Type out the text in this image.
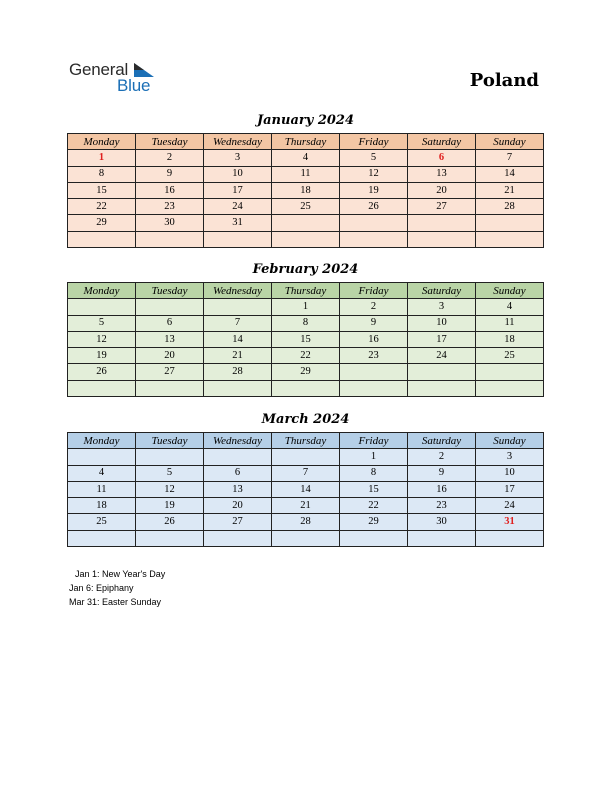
General
Blue	Poland
January 2024
Monday	Tuesday	Wednesday	Thursday	Friday	Saturday	Sunday
1	2	3	4	5	6	7
8	9	10	11	12	13	14
15	16	17	18	19	20	21
22	23	24	25	26	27	28
29	30	31				

February 2024
Monday	Tuesday	Wednesday	Thursday	Friday	Saturday	Sunday
			1	2	3	4
5	6	7	8	9	10	11
12	13	14	15	16	17	18
19	20	21	22	23	24	25
26	27	28	29			

March 2024
Monday	Tuesday	Wednesday	Thursday	Friday	Saturday	Sunday
				1	2	3
4	5	6	7	8	9	10
11	12	13	14	15	16	17
18	19	20	21	22	23	24
25	26	27	28	29	30	31

Jan 1: New Year's Day
Jan 6: Epiphany
Mar 31: Easter Sunday
